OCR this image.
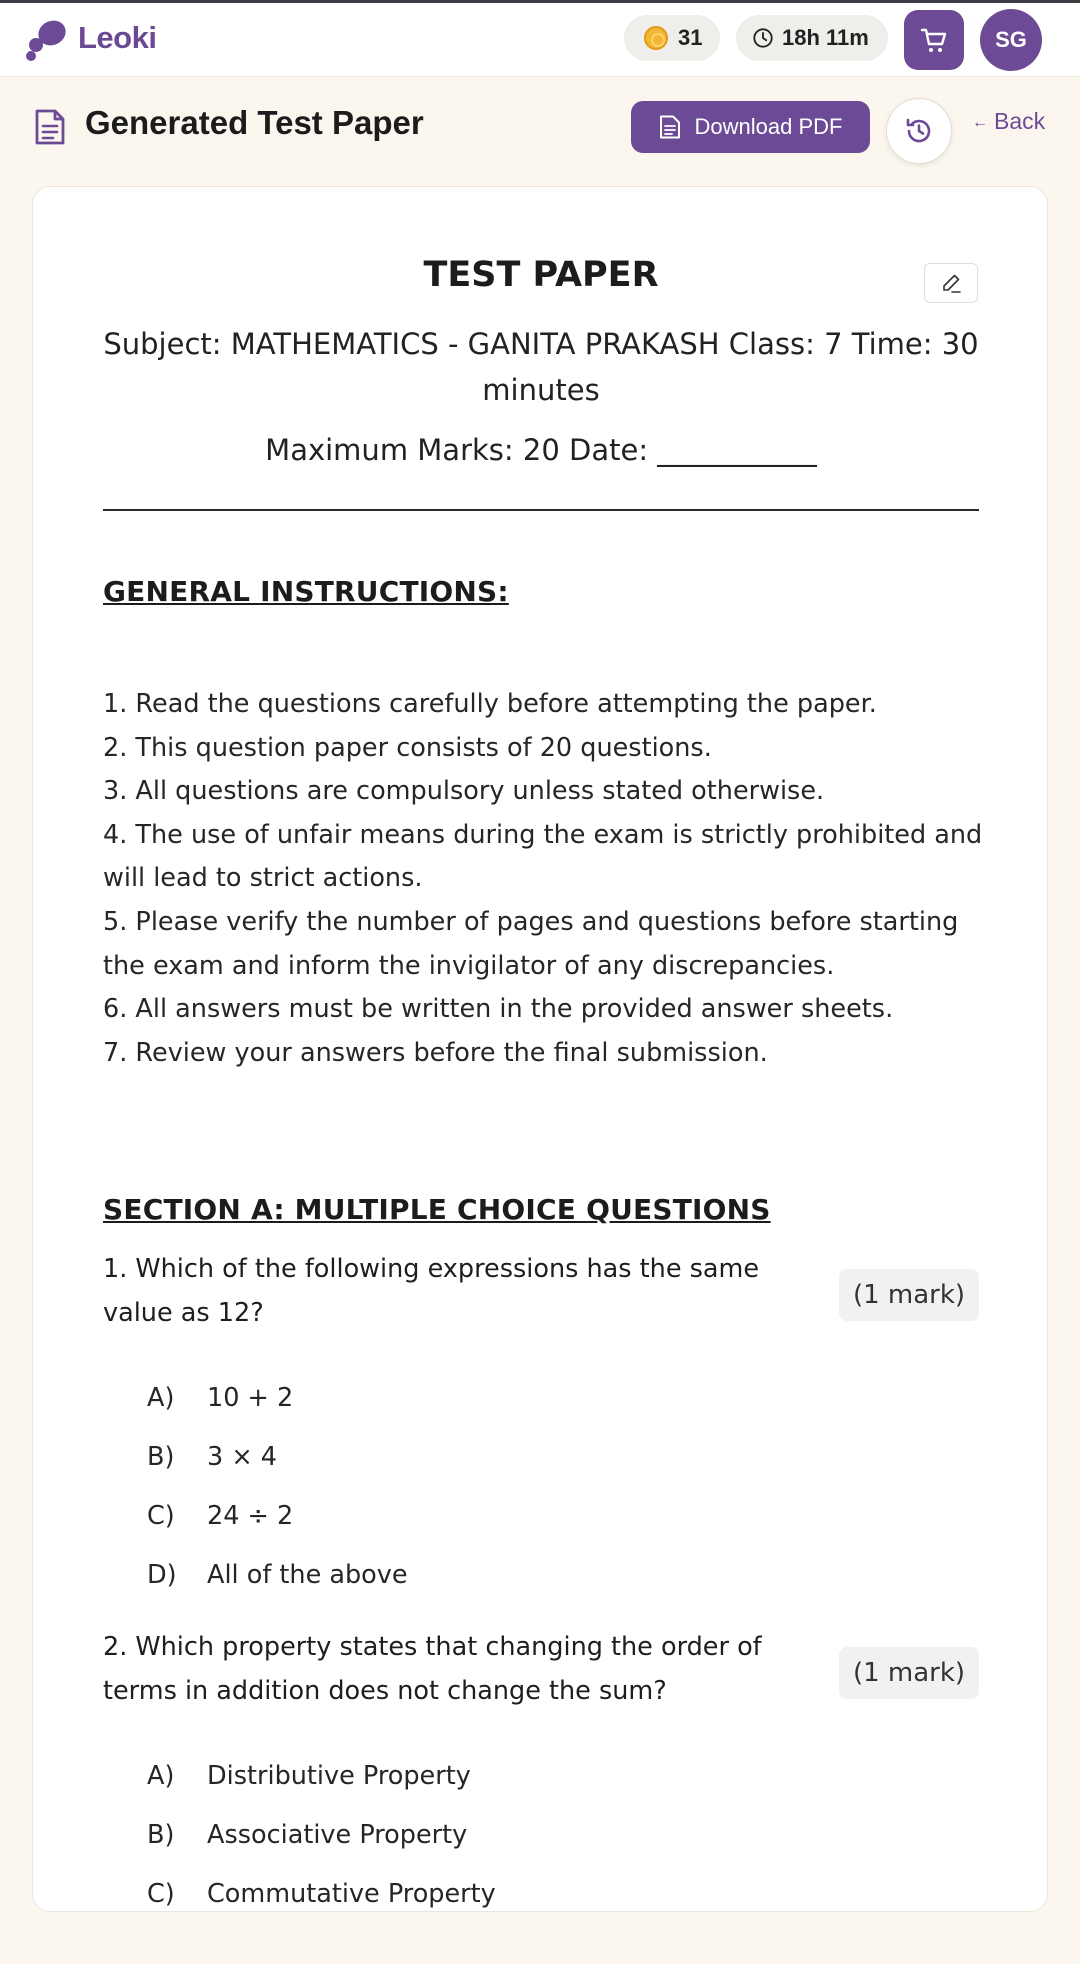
Leoki	31	18h 11m	SG
Generated Test Paper	Download PDF	← Back
TEST PAPER
Subject: MATHEMATICS - GANITA PRAKASH Class: 7 Time: 30 minutes
Maximum Marks: 20 Date: ___________
GENERAL INSTRUCTIONS:
1. Read the questions carefully before attempting the paper.
2. This question paper consists of 20 questions.
3. All questions are compulsory unless stated otherwise.
4. The use of unfair means during the exam is strictly prohibited and will lead to strict actions.
5. Please verify the number of pages and questions before starting the exam and inform the invigilator of any discrepancies.
6. All answers must be written in the provided answer sheets.
7. Review your answers before the final submission.
SECTION A: MULTIPLE CHOICE QUESTIONS
1. Which of the following expressions has the same value as 12?
(1 mark)
A)	10 + 2
B)	3 × 4
C)	24 ÷ 2
D)	All of the above
2. Which property states that changing the order of terms in addition does not change the sum?
(1 mark)
A)	Distributive Property
B)	Associative Property
C)	Commutative Property
